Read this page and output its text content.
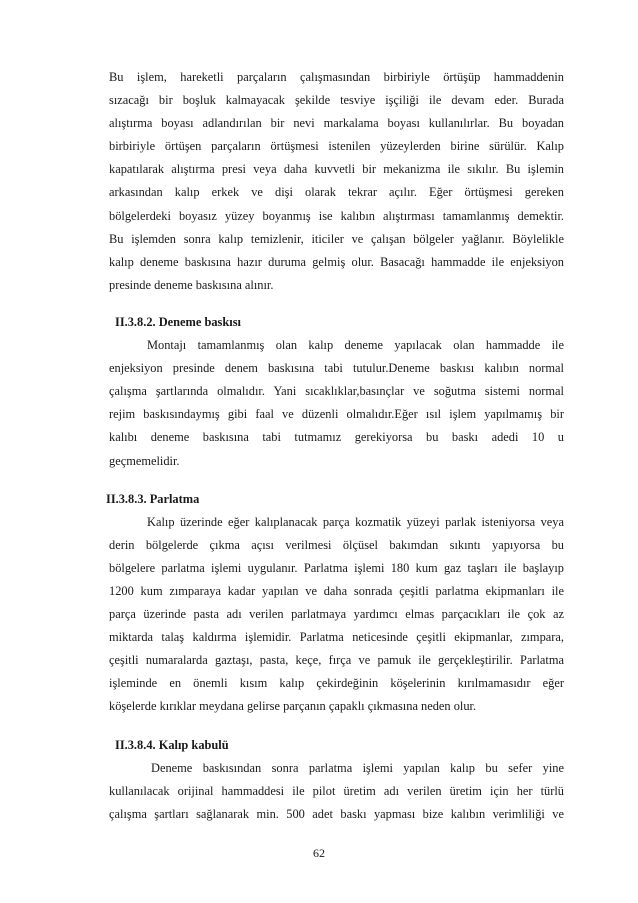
Bu işlem, hareketli parçaların çalışmasından birbiriyle örtüşüp hammaddenin
sızacağı bir boşluk kalmayacak şekilde tesviye işçiliği ile devam eder. Burada
alıştırma boyası adlandırılan bir nevi markalama boyası kullanılırlar. Bu boyadan
birbiriyle örtüşen parçaların örtüşmesi istenilen yüzeylerden birine sürülür. Kalıp
kapatılarak alıştırma presi veya daha kuvvetli bir mekanizma ile sıkılır. Bu işlemin
arkasından kalıp erkek ve dişi olarak tekrar açılır. Eğer örtüşmesi gereken
bölgelerdeki boyasız yüzey boyanmış ise kalıbın alıştırması tamamlanmış demektir.
Bu işlemden sonra kalıp temizlenir, iticiler ve çalışan bölgeler yağlanır. Böylelikle
kalıp deneme baskısına hazır duruma gelmiş olur. Basacağı hammadde ile enjeksiyon
presinde deneme baskısına alınır.
II.3.8.2. Deneme baskısı
Montajı tamamlanmış olan kalıp deneme yapılacak olan hammadde ile
enjeksiyon presinde denem baskısına tabi tutulur.Deneme baskısı kalıbın normal
çalışma şartlarında olmalıdır. Yani sıcaklıklar,basınçlar ve soğutma sistemi normal
rejim baskısındaymış gibi faal ve düzenli olmalıdır.Eğer ısıl işlem yapılmamış bir
kalıbı deneme baskısına tabi tutmamız gerekiyorsa bu baskı adedi 10 u
geçmemelidir.
II.3.8.3. Parlatma
Kalıp üzerinde eğer kalıplanacak parça kozmatik yüzeyi parlak isteniyorsa veya
derin bölgelerde çıkma açısı verilmesi ölçüsel bakımdan sıkıntı yapıyorsa bu
bölgelere parlatma işlemi uygulanır. Parlatma işlemi 180 kum gaz taşları ile başlayıp
1200 kum zımparaya kadar yapılan ve daha sonrada çeşitli parlatma ekipmanları ile
parça üzerinde pasta adı verilen parlatmaya yardımcı elmas parçacıkları ile çok az
miktarda talaş kaldırma işlemidir. Parlatma neticesinde çeşitli ekipmanlar, zımpara,
çeşitli numaralarda gaztaşı, pasta, keçe, fırça ve pamuk ile gerçekleştirilir. Parlatma
işleminde en önemli kısım kalıp çekirdeğinin köşelerinin kırılmamasıdır eğer
köşelerde kırıklar meydana gelirse parçanın çapaklı çıkmasına neden olur.
II.3.8.4. Kalıp kabulü
Deneme baskısından sonra parlatma işlemi yapılan kalıp bu sefer yine
kullanılacak orijinal hammaddesi ile pilot üretim adı verilen üretim için her türlü
çalışma şartları sağlanarak min. 500 adet baskı yapması bize kalıbın verimliliği ve
62
